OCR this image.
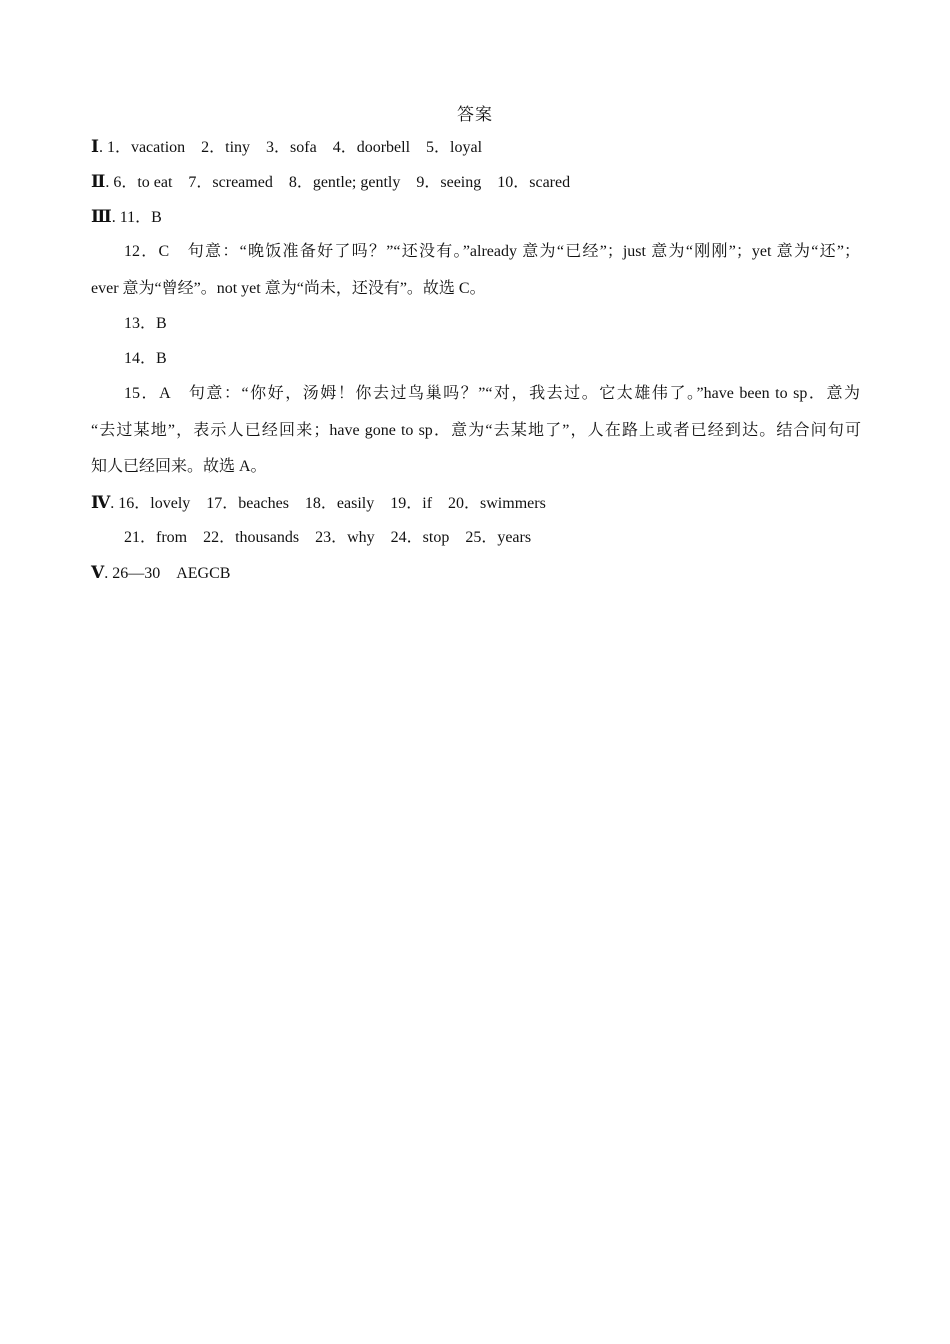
答案
Ⅰ. 1．vacation　2．tiny　3．sofa　4．doorbell　5．loyal
Ⅱ. 6．to eat　7．screamed　8．gentle; gently　9．seeing　10．scared
Ⅲ. 11．B
12．C　句意：“晚饭准备好了吗？”“还没有。”already 意为“已经”；just 意为“刚刚”；yet 意为“还”；
ever 意为“曾经”。not yet 意为“尚未，还没有”。故选 C。
13．B
14．B
15．A　句意：“你好，汤姆！你去过鸟巢吗？”“对，我去过。它太雄伟了。”have been to sp．意为
“去过某地”，表示人已经回来；have gone to sp．意为“去某地了”，人在路上或者已经到达。结合问句可
知人已经回来。故选 A。
Ⅳ. 16．lovely　17．beaches　18．easily　19．if　20．swimmers
21．from　22．thousands　23．why　24．stop　25．years
Ⅴ. 26—30　AEGCB
